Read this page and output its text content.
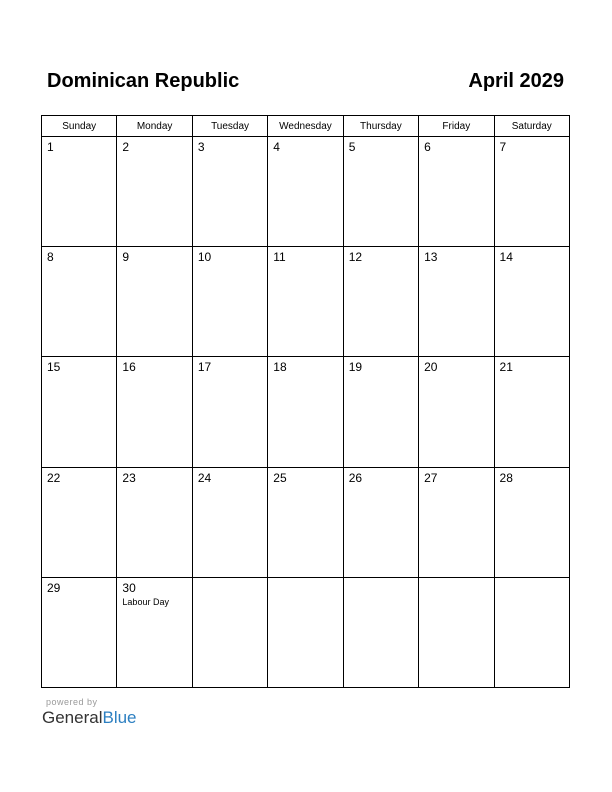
Dominican Republic	April 2029
Sunday	Monday	Tuesday	Wednesday	Thursday	Friday	Saturday

1	2	3	4	5	6	7

8	9	10	11	12	13	14

15	16	17	18	19	20	21

22	23	24	25	26	27	28

29	30
Labour Day					

powered by
GeneralBlue
